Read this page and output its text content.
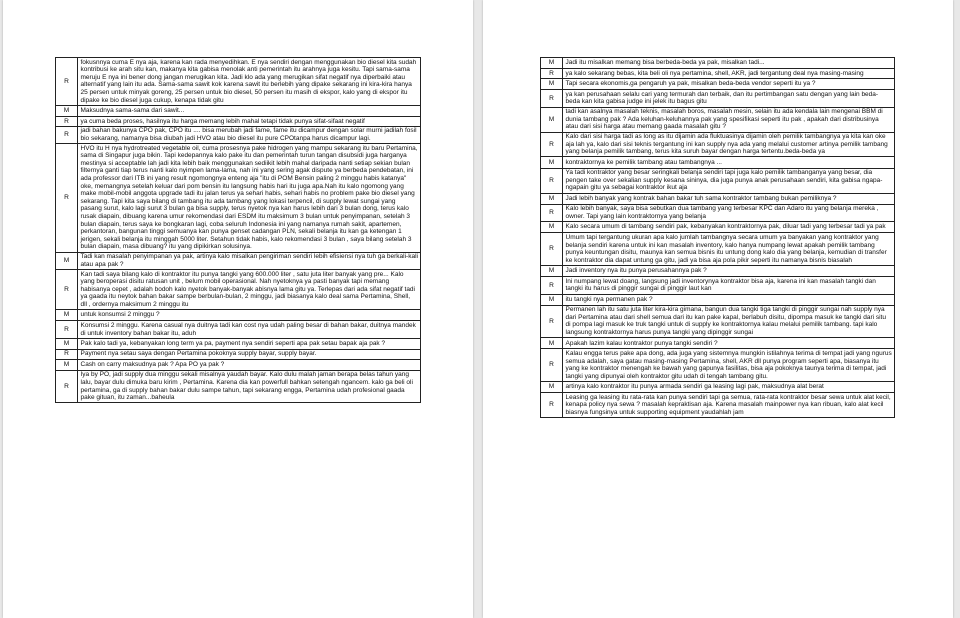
R	fokusnnya cuma E nya aja, karena kan rada menyedihkan. E nya sendiri dengan menggunakan bio diesel kita sudah kontribusi ke arah situ kan, makanya kita gabisa menolak anti pemerintah itu arahnya juga kesitu. Tapi sama-sama meruju E nya ini bener dong jangan merugikan kita. Jadi klo ada yang merugikan sifat negatif nya diperbaiki atau alternatif yang lain itu ada. Sama-sama sawit kok karena sawit itu berlebih yang dipake sekarang ini kira-kira hanya 25 persen untuk minyak goreng, 25 persen untuk bio diesel, 50 persen itu masih di ekspor, kalo yang di ekspor itu dipake ke bio diesel juga cukup, kenapa tidak gitu
M	Maksudnya sama-sama dari sawit...
R	ya cuma beda proses, hasilnya itu harga memang lebih mahal tetapi tidak punya sifat-sifaat negatif
R	jadi bahan bakunya CPO pak, CPO itu .... bisa merubah jadi fame, fame itu dicampur dengan solar murni jadilah fosil bio sekarang, namanya bisa diubah jadi HVO atau bio diesel itu pure CPOtanpa harus dicampur lagi.
R	HVO itu H nya hydrotreated vegetable oil, cuma prosesnya pake hidrogen yang mampu sekarang itu baru Pertamina, sama di Singapur juga bikin. Tapi kedepannya kalo pake itu dan pemerintah turun tangan disubsidi juga harganya mestinya si acceptable lah jadi kita lebih baik menggunakan sediikit lebih mahal daripada nanti setiap sekian bulan filternya ganti tiap terus nanti kalo nyimpen lama-lama, nah ini yang sering agak dispute ya berbeda pendebatan, ini ada professor dari ITB ini yang result ngomongnya enteng aja "itu di POM Bensin paling 2 minggu habis katanya" oke, memangnya setelah keluar dari pom bensin itu langsung habis hari itu juga apa.Nah itu kalo ngomong yang make mobil-mobil anggota upgrade tadi itu jalan terus ya sehari habis, sehari habis no problem pake bio diesel yang sekarang. Tapi kita saya bilang di tambang itu ada tambang yang lokasi terpencil, di supply lewat sungai yang pasang surut, kalo lagi surut 3 bulan ga bisa supply, terus nyetok nya kan harus lebih dari 3 bulan dong, terus kalo rusak diapain, dibuang karena umur rekomendasi dari ESDM itu maksimum 3 bulan untuk penyimpanan, setelah 3 bulan diapain, terus saya ke bongkaran lagi, coba seluruh Indonesia ini yang namanya rumah sakit, apartemen, perkantoran, bangunan tinggi semuanya kan punya genset cadangan PLN, sekali belanja itu kan ga ketengan 1 jerigen, sekali belanja itu minggah 5000 liter. Setahun tidak habis, kalo rekomendasi 3 bulan , saya bilang setelah 3 bulan diapain, masa dibuang? itu yang dipikirkan solusinya.
M	Tadi kan masalah penyimpanan ya pak, artinya kalo misalkan pengiriman sendiri lebih efisiensi nya tuh ga berkali-kali atau apa pak ?
R	Kan tadi saya bilang kalo di kontraktor itu punya tangki yang 600.000 liter , satu juta liter banyak yang pre... Kalo yang beroperasi disitu ratusan unit , belum mobil operasional. Nah nyetoknya ya pasti banyak tapi memang habisanya cepet , adalah bodoh kalo nyetok banyak-banyak abisnya lama gitu ya. Terlepas dari ada sifat negatif tadi ya gaada itu neytok bahan bakar sampe berbulan-bulan, 2 minggu, jadi biasanya kalo deal sama Pertamina, Shell, dll , ordernya maksimum 2 minggu itu
M	untuk konsumsi 2 minggu ?
R	Konsumsi 2 minggu. Karena casual nya duitnya tadi kan cost nya udah paling besar di bahan bakar, duitnya mandek di untuk inventory bahan bakar itu, aduh
M	Pak kalo tadi ya, kebanyakan long term ya pa, payment nya sendiri seperti apa pak setau bapak aja pak ?
R	Payment nya setau saya dengan Pertamina pokoknya supply bayar, supply bayar.
M	Cash on carry maksudnya pak ? Apa PO ya pak ?
R	Iya by PO, jadi supply dua minggu sekali misalnya yaudah bayar. Kalo dulu malah jaman berapa belas tahun yang lalu, bayar dulu dimuka baru kirim , Pertamina. Karena dia kan powerfull bahkan setengah ngancem. kalo ga beli oli pertamina, ga di supply bahan bakar dulu sampe tahun, tapi sekarang engga, Pertamina udah profesional gaada pake gituan, itu zaman...baheula
M	Jadi itu misalkan memang bisa berbeda-beda ya pak, misalkan tadi...
R	ya kalo sekarang bebas, kita beli oli nya pertamina, shell, AKR, jadi tergantung deal nya masing-masing
M	Tapi secara ekonomis,ga pengaruh ya pak, misalkan beda-beda vendor seperti itu ya ?
R	ya kan perusahaan selalu cari yang termurah dan terbaik, dan itu pertimbangan satu dengan yang lain beda-beda kan kita gabisa judge ini jelek itu bagus gitu
M	tadi kan asalnya masalah teknis, masalah boros, masalah mesin, selain itu ada kendala lain mengenai BBM di dunia tambang pak ? Ada keluhan-keluhannya pak yang spesifikasi seperti itu pak , apakah dari distribusinya atau dari sisi harga atau memang gaada masalah gitu ?
R	Kalo dari sisi harga tadi as long as itu dijamin ada fluktuasinya dijamin oleh pemilik tambangnya ya kita kan oke aja lah ya, kalo dari sisi teknis tergantung ini kan supply nya ada yang melalui customer artinya pemilik tambang yang belanja pemilik tambang, terus kita suruh bayar dengan harga tertentu.beda-beda ya
M	kontraktornya ke pemilik tambang atau tambangnya ...
R	Ya tadi kontraktor yang besar seringkali belanja sendiri tapi juga kalo pemilik tambanganya yang besar, dia pengen take over sekalian supply kesana sininya, dia juga punya anak perusahaan sendiri, kita gabisa ngapa-ngapain gitu ya sebagai kontraktor ikut aja
M	Jadi lebih banyak yang kontrak bahan bakar tuh sama kontraktor tambang bukan pemiliknya ?
R	Kalo lebih banyak, saya bisa sebutkan dua tambang yang terbesar KPC dan Adaro itu yang belanja mereka , owner. Tapi yang lain kontraktornya yang belanja
M	Kalo secara umum di tambang sendiri pak, kebanyakan kontraktornya pak, diluar tadi yang terbesar tadi ya pak
R	Umum tapi tergantung ukuran apa kalo jumlah tambangnya secara umum ya banyakan yang kontraktor yang belanja sendiri karena untuk ini kan masalah inventory, kalo hanya numpang lewat apakah pemilik tambang punya keuntungan disitu, maunya kan semua bisnis itu untung dong kalo dia yang belanja, kemudian di transfer ke kontraktor dia dapat untung ga gitu, jadi ya bisa aja pola pikir seperti itu namanya bisnis biasalah
M	Jadi inventory nya itu punya perusahannya pak ?
R	Ini numpang lewat doang, langsung jadi inventorynya kontraktor bisa aja, karena ini kan masalah tangki dan tangki itu harus di pinggir sungai di pinggir laut kan
M	itu tangki nya permanen pak ?
R	Permanen lah itu satu juta liter kira-kira gimana, bangun dua tangki tiga tangki di pinggir sungai nah supply nya dari Pertamina atau dari shell semua dari itu kan pake kapal, berlabuh disitu, dipompa masuk ke tangki dari situ di pompa lagi masuk ke truk tangki untuk di supply ke kontraktornya kalau melalui pemilik tambang. tapi kalo langsung kontraktornya harus punya tangki yang dipinggir sungai
M	Apakah lazim kalau kontraktor punya tangki sendiri ?
R	Kalau engga terus pake apa dong, ada juga yang sistemnya mungkin istilahnya terima di tempat jadi yang ngurus semua adalah, saya gatau masing-masing Pertamina, shell, AKR dll punya program seperti apa, biasanya itu yang ke kontraktor menengah ke bawah yang gapunya fasilitas, bisa aja pokoknya taunya terima di tempat, jadi tangki yang dipunyai oleh kontraktor gitu udah di tengah tambang gitu.
M	artinya kalo kontraktor itu punya armada sendiri ga leasing lagi pak, maksudnya alat berat
R	Leasing ga leasing itu rata-rata kan punya sendiri tapi ga semua, rata-rata kontraktor besar sewa untuk alat kecil, kenapa policy nya sewa ? masalah kepraktisan aja. Karena masalah mainpower nya kan ribuan, kalo alat kecil biasnya fungsinya untuk supporting equipment yaudahlah jam
